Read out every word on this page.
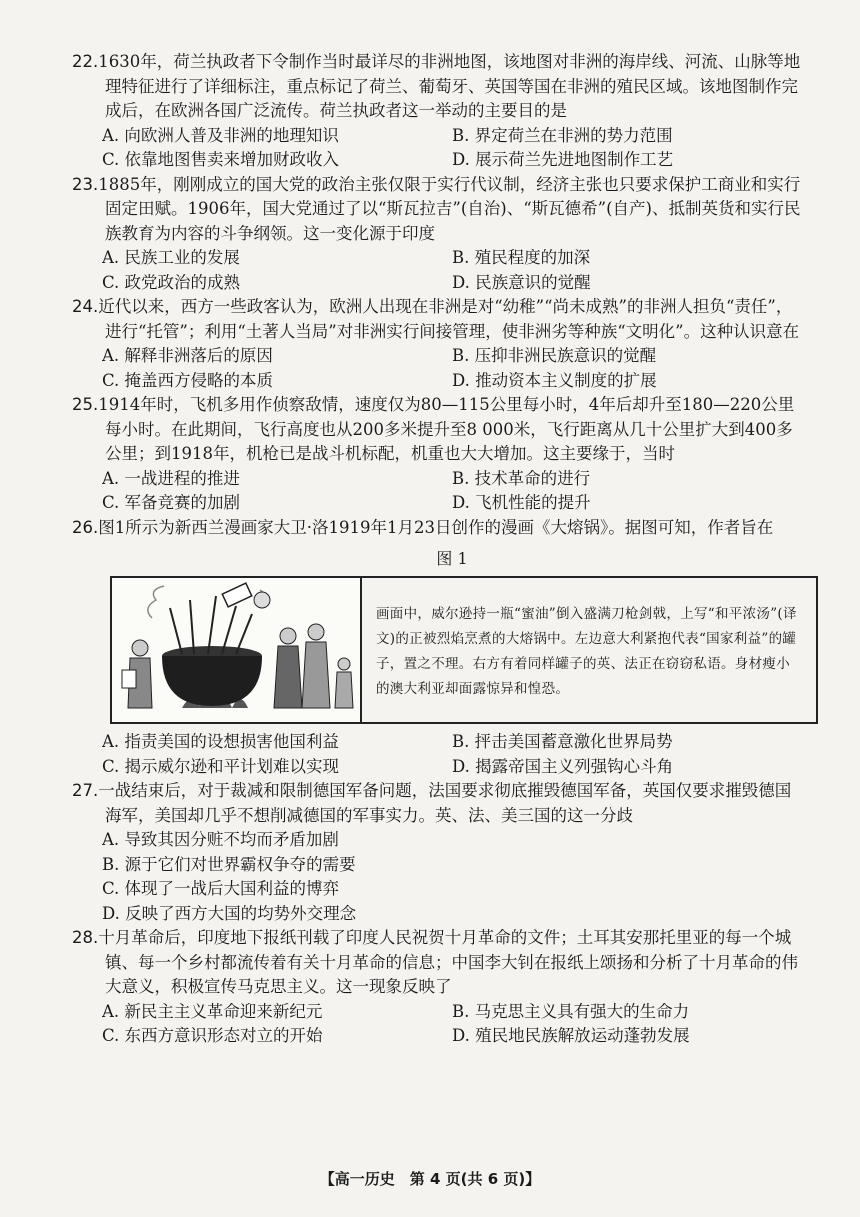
22.1630年，荷兰执政者下令制作当时最详尽的非洲地图，该地图对非洲的海岸线、河流、山脉等地理特征进行了详细标注，重点标记了荷兰、葡萄牙、英国等国在非洲的殖民区域。该地图制作完成后，在欧洲各国广泛流传。荷兰执政者这一举动的主要目的是

A. 向欧洲人普及非洲的地理知识	B. 界定荷兰在非洲的势力范围
C. 依靠地图售卖来增加财政收入	D. 展示荷兰先进地图制作工艺

23.1885年，刚刚成立的国大党的政治主张仅限于实行代议制，经济主张也只要求保护工商业和实行固定田赋。1906年，国大党通过了以“斯瓦拉吉”(自治)、“斯瓦德希”(自产)、抵制英货和实行民族教育为内容的斗争纲领。这一变化源于印度

A. 民族工业的发展	B. 殖民程度的加深
C. 政党政治的成熟	D. 民族意识的觉醒

24.近代以来，西方一些政客认为，欧洲人出现在非洲是对“幼稚”“尚未成熟”的非洲人担负“责任”，进行“托管”；利用“土著人当局”对非洲实行间接管理，使非洲劣等种族“文明化”。这种认识意在

A. 解释非洲落后的原因	B. 压抑非洲民族意识的觉醒
C. 掩盖西方侵略的本质	D. 推动资本主义制度的扩展

25.1914年时，飞机多用作侦察敌情，速度仅为80—115公里每小时，4年后却升至180—220公里每小时。在此期间，飞行高度也从200多米提升至8 000米，飞行距离从几十公里扩大到400多公里；到1918年，机枪已是战斗机标配，机重也大大增加。这主要缘于，当时

A. 一战进程的推进	B. 技术革命的进行
C. 军备竞赛的加剧	D. 飞机性能的提升

26.图1所示为新西兰漫画家大卫·洛1919年1月23日创作的漫画《大熔锅》。据图可知，作者旨在

图 1
画面中，威尔逊持一瓶“蜜油”倒入盛满刀枪剑戟，上写“和平浓汤”(译文)的正被烈焰烹煮的大熔锅中。左边意大利紧抱代表“国家利益”的罐子，置之不理。右方有着同样罐子的英、法正在窃窃私语。身材瘦小的澳大利亚却面露惊异和惶恐。
A. 指责美国的设想损害他国利益	B. 抨击美国蓄意激化世界局势
C. 揭示威尔逊和平计划难以实现	D. 揭露帝国主义列强钩心斗角

27.一战结束后，对于裁减和限制德国军备问题，法国要求彻底摧毁德国军备，英国仅要求摧毁德国海军，美国却几乎不想削减德国的军事实力。英、法、美三国的这一分歧

A. 导致其因分赃不均而矛盾加剧
B. 源于它们对世界霸权争夺的需要
C. 体现了一战后大国利益的博弈
D. 反映了西方大国的均势外交理念

28.十月革命后，印度地下报纸刊载了印度人民祝贺十月革命的文件；土耳其安那托里亚的每一个城镇、每一个乡村都流传着有关十月革命的信息；中国李大钊在报纸上颂扬和分析了十月革命的伟大意义，积极宣传马克思主义。这一现象反映了

A. 新民主主义革命迎来新纪元	B. 马克思主义具有强大的生命力
C. 东西方意识形态对立的开始	D. 殖民地民族解放运动蓬勃发展
【高一历史　第 4 页(共 6 页)】
